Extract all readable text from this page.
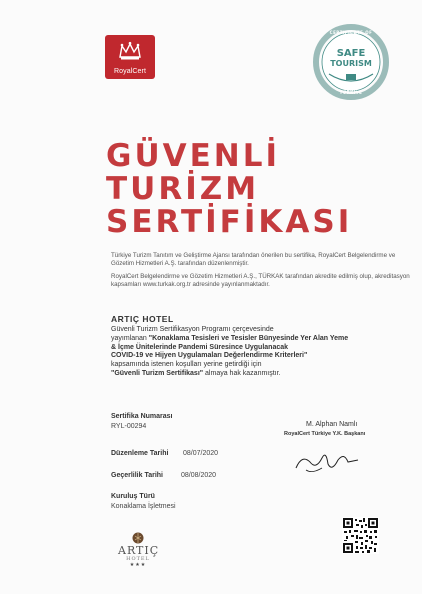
RoyalCert
CERTIFICATE OF
SAFE
TOURISM
TÜRKİYE
GÜVENLİ
TURİZM
SERTİFİKASI
Türkiye Turizm Tanıtım ve Geliştirme Ajansı tarafından önerilen bu sertifika, RoyalCert Belgelendirme ve Gözetim Hizmetleri A.Ş. tarafından düzenlenmiştir.
RoyalCert Belgelendirme ve Gözetim Hizmetleri A.Ş., TÜRKAK tarafından akredite edilmiş olup, akreditasyon kapsamları www.turkak.org.tr adresinde yayınlanmaktadır.
ARTIÇ HOTEL
Güvenli Turizm Sertifikasyon Programı çerçevesinde
yayımlanan "Konaklama Tesisleri ve Tesisler Bünyesinde Yer Alan Yeme
& İçme Ünitelerinde Pandemi Süresince Uygulanacak
COVID-19 ve Hijyen Uygulamaları Değerlendirme Kriterleri"
kapsamında istenen koşulları yerine getirdiği için
"Güvenli Turizm Sertifikası" almaya hak kazanmıştır.
Sertifika Numarası
RYL-00294
Düzenleme Tarihi 08/07/2020
Geçerlilik Tarihi	08/08/2020
Kuruluş Türü
Konaklama İşletmesi
M. Alphan Namlı
RoyalCert Türkiye Y.K. Başkanı
ARTIÇ
HOTEL
★★★
